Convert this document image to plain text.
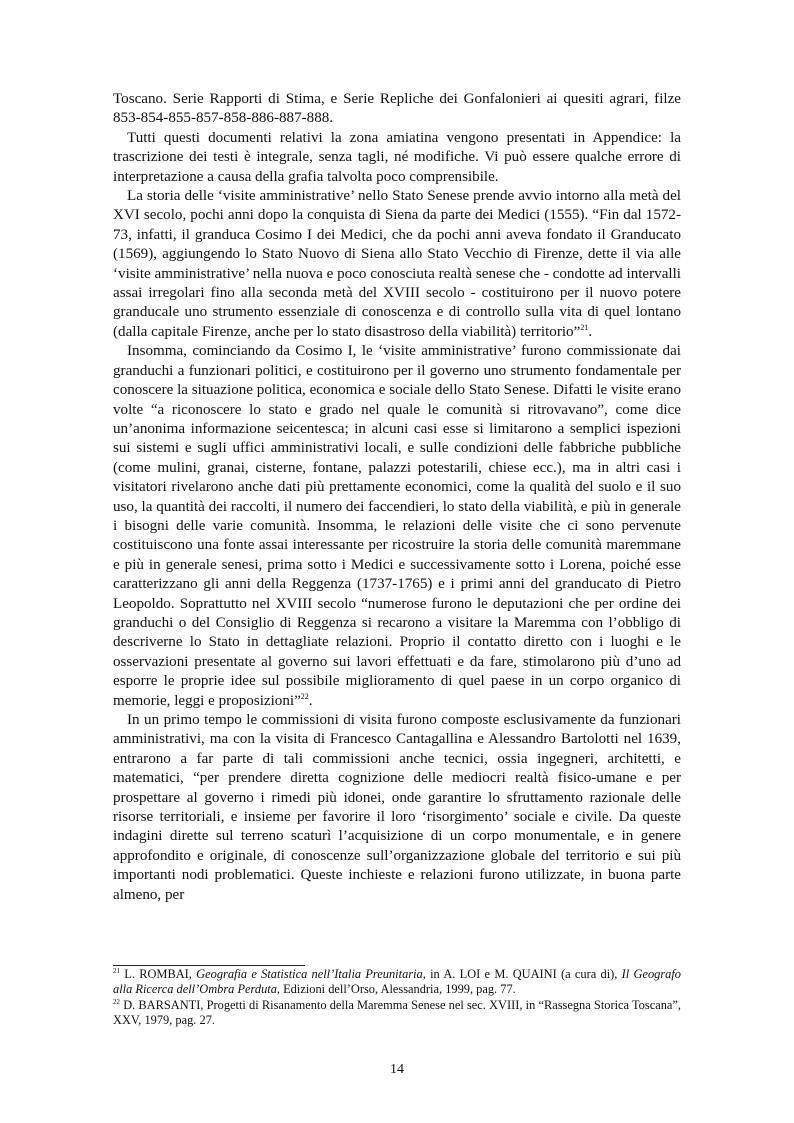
Toscano. Serie Rapporti di Stima, e Serie Repliche dei Gonfalonieri ai quesiti agrari, filze 853-854-855-857-858-886-887-888.

Tutti questi documenti relativi la zona amiatina vengono presentati in Appendice: la trascrizione dei testi è integrale, senza tagli, né modifiche. Vi può essere qualche errore di interpretazione a causa della grafia talvolta poco comprensibile.

La storia delle ‘visite amministrative’ nello Stato Senese prende avvio intorno alla metà del XVI secolo, pochi anni dopo la conquista di Siena da parte dei Medici (1555). “Fin dal 1572-73, infatti, il granduca Cosimo I dei Medici, che da pochi anni aveva fondato il Granducato (1569), aggiungendo lo Stato Nuovo di Siena allo Stato Vecchio di Firenze, dette il via alle ‘visite amministrative’ nella nuova e poco conosciuta realtà senese che - condotte ad intervalli assai irregolari fino alla seconda metà del XVIII secolo - costituirono per il nuovo potere granducale uno strumento essenziale di conoscenza e di controllo sulla vita di quel lontano (dalla capitale Firenze, anche per lo stato disastroso della viabilità) territorio”$^{21}$.

Insomma, cominciando da Cosimo I, le ‘visite amministrative’ furono commissionate dai granduchi a funzionari politici, e costituirono per il governo uno strumento fondamentale per conoscere la situazione politica, economica e sociale dello Stato Senese. Difatti le visite erano volte “a riconoscere lo stato e grado nel quale le comunità si ritrovavano”, come dice un’anonima informazione seicentesca; in alcuni casi esse si limitarono a semplici ispezioni sui sistemi e sugli uffici amministrativi locali, e sulle condizioni delle fabbriche pubbliche (come mulini, granai, cisterne, fontane, palazzi potestarili, chiese ecc.), ma in altri casi i visitatori rivelarono anche dati più prettamente economici, come la qualità del suolo e il suo uso, la quantità dei raccolti, il numero dei faccendieri, lo stato della viabilità, e più in generale i bisogni delle varie comunità. Insomma, le relazioni delle visite che ci sono pervenute costituiscono una fonte assai interessante per ricostruire la storia delle comunità maremmane e più in generale senesi, prima sotto i Medici e successivamente sotto i Lorena, poiché esse caratterizzano gli anni della Reggenza (1737-1765) e i primi anni del granducato di Pietro Leopoldo. Soprattutto nel XVIII secolo “numerose furono le deputazioni che per ordine dei granduchi o del Consiglio di Reggenza si recarono a visitare la Maremma con l’obbligo di descriverne lo Stato in dettagliate relazioni. Proprio il contatto diretto con i luoghi e le osservazioni presentate al governo sui lavori effettuati e da fare, stimolarono più d’uno ad esporre le proprie idee sul possibile miglioramento di quel paese in un corpo organico di memorie, leggi e proposizioni”$^{22}$.

In un primo tempo le commissioni di visita furono composte esclusivamente da funzionari amministrativi, ma con la visita di Francesco Cantagallina e Alessandro Bartolotti nel 1639, entrarono a far parte di tali commissioni anche tecnici, ossia ingegneri, architetti, e matematici, “per prendere diretta cognizione delle mediocri realtà fisico-umane e per prospettare al governo i rimedi più idonei, onde garantire lo sfruttamento razionale delle risorse territoriali, e insieme per favorire il loro ‘risorgimento’ sociale e civile. Da queste indagini dirette sul terreno scaturì l’acquisizione di un corpo monumentale, e in genere approfondito e originale, di conoscenze sull’organizzazione globale del territorio e sui più importanti nodi problematici. Queste inchieste e relazioni furono utilizzate, in buona parte almeno, per

$^{21}$ L. ROMBAI, Geografia e Statistica nell’Italia Preunitaria, in A. LOI e M. QUAINI (a cura di), Il Geografo alla Ricerca dell’Ombra Perduta, Edizioni dell’Orso, Alessandria, 1999, pag. 77.

$^{22}$ D. BARSANTI, Progetti di Risanamento della Maremma Senese nel sec. XVIII, in “Rassegna Storica Toscana”, XXV, 1979, pag. 27.

14
